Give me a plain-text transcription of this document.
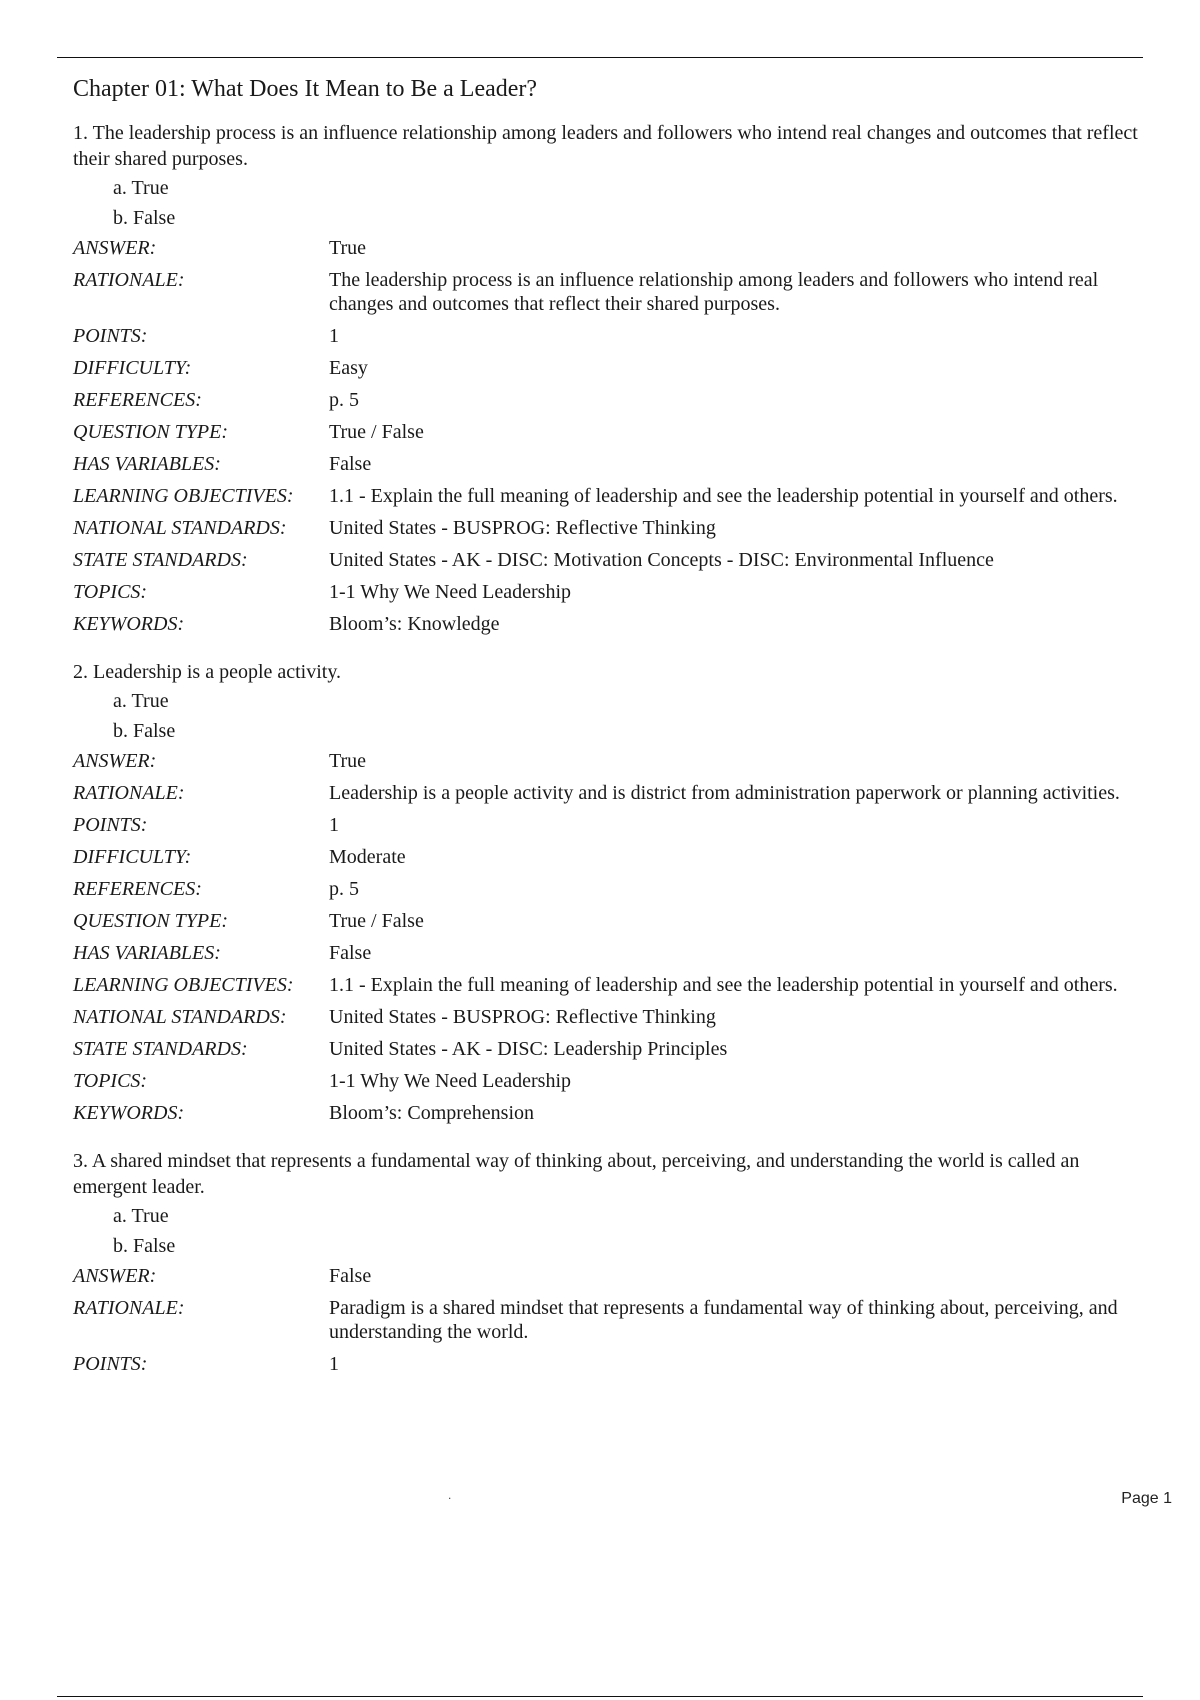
Chapter 01: What Does It Mean to Be a Leader?

1. The leadership process is an influence relationship among leaders and followers who intend real changes and outcomes that reflect their shared purposes.

a. True
b. False
ANSWER:	True
RATIONALE:	The leadership process is an influence relationship among leaders and followers who intend real changes and outcomes that reflect their shared purposes.
POINTS:	1
DIFFICULTY:	Easy
REFERENCES:	p. 5
QUESTION TYPE:	True / False
HAS VARIABLES:	False
LEARNING OBJECTIVES:	1.1 - Explain the full meaning of leadership and see the leadership potential in yourself and others.
NATIONAL STANDARDS:	United States - BUSPROG: Reflective Thinking
STATE STANDARDS:	United States - AK - DISC: Motivation Concepts - DISC: Environmental Influence
TOPICS:	1-1 Why We Need Leadership
KEYWORDS:	Bloom’s: Knowledge

2. Leadership is a people activity.

a. True
b. False
ANSWER:	True
RATIONALE:	Leadership is a people activity and is district from administration paperwork or planning activities.
POINTS:	1
DIFFICULTY:	Moderate
REFERENCES:	p. 5
QUESTION TYPE:	True / False
HAS VARIABLES:	False
LEARNING OBJECTIVES:	1.1 - Explain the full meaning of leadership and see the leadership potential in yourself and others.
NATIONAL STANDARDS:	United States - BUSPROG: Reflective Thinking
STATE STANDARDS:	United States - AK - DISC: Leadership Principles
TOPICS:	1-1 Why We Need Leadership
KEYWORDS:	Bloom’s: Comprehension

3. A shared mindset that represents a fundamental way of thinking about, perceiving, and understanding the world is called an emergent leader.

a. True
b. False
ANSWER:	False
RATIONALE:	Paradigm is a shared mindset that represents a fundamental way of thinking about, perceiving, and understanding the world.
POINTS:	1
.	Page 1
